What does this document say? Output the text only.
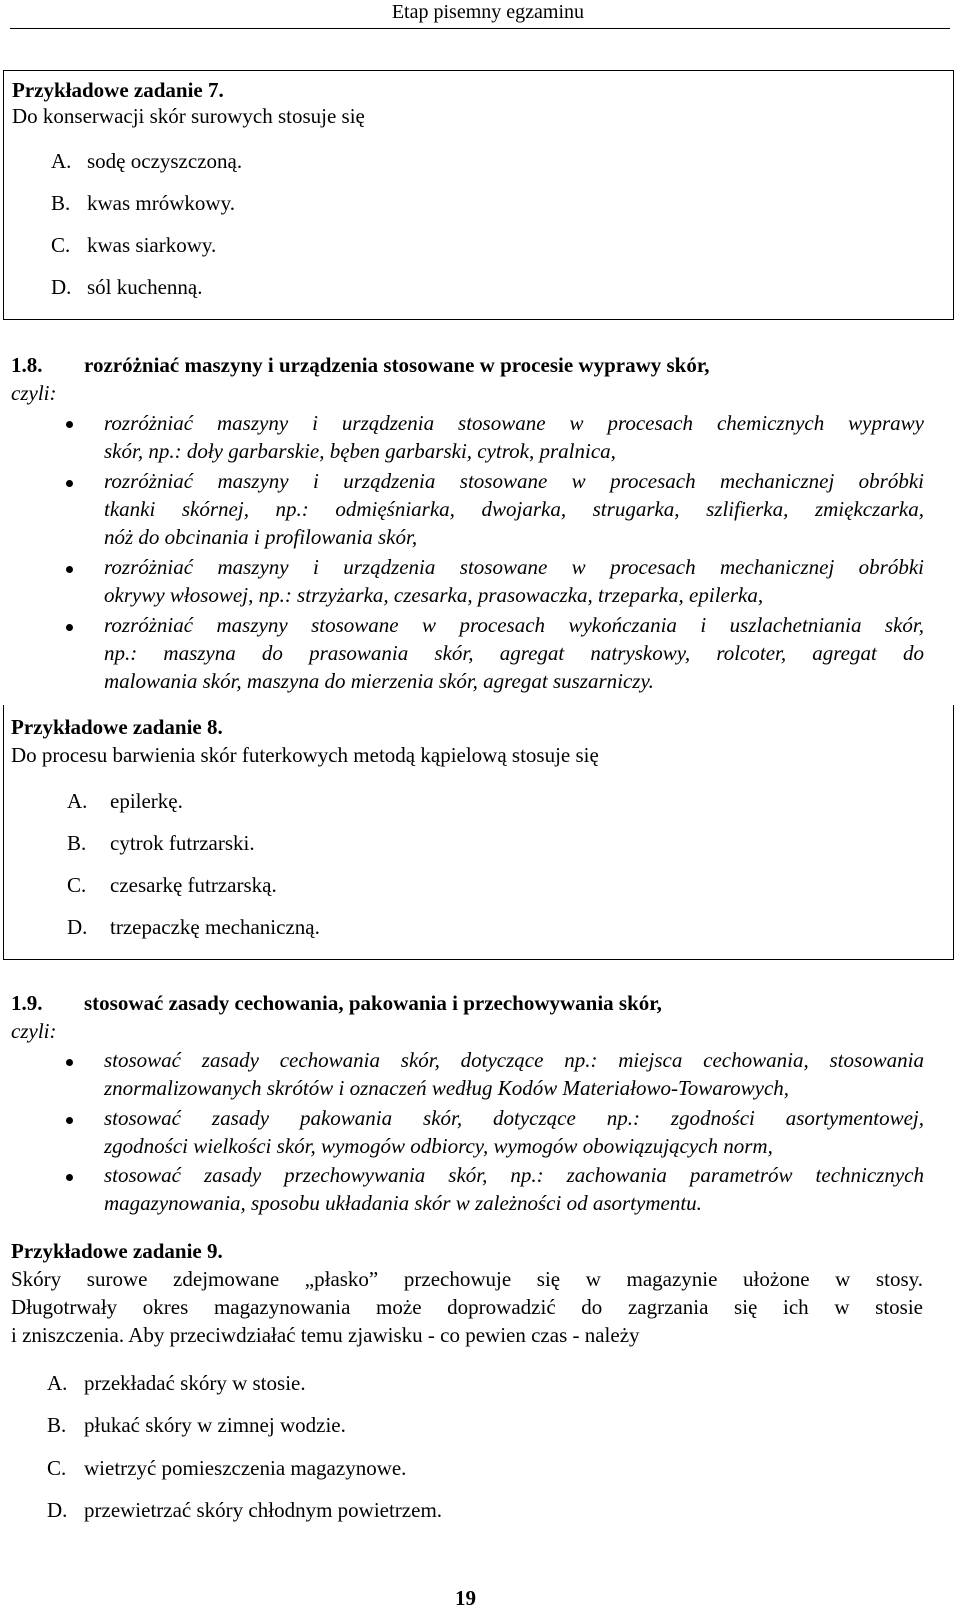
Etap pisemny egzaminu
Przykładowe zadanie 7.
Do konserwacji skór surowych stosuje się
A. sodę oczyszczoną.
B. kwas mrówkowy.
C. kwas siarkowy.
D. sól kuchenną.
1.8. rozróżniać maszyny i urządzenia stosowane w procesie wyprawy skór,
czyli:
rozróżniać maszyny i urządzenia stosowane w procesach chemicznych wyprawy
skór, np.: doły garbarskie, bęben garbarski, cytrok, pralnica,
rozróżniać maszyny i urządzenia stosowane w procesach mechanicznej obróbki
tkanki skórnej, np.: odmięśniarka, dwojarka, strugarka, szlifierka, zmiękczarka,
nóż do obcinania i profilowania skór,
rozróżniać maszyny i urządzenia stosowane w procesach mechanicznej obróbki
okrywy włosowej, np.: strzyżarka, czesarka, prasowaczka, trzeparka, epilerka,
rozróżniać maszyny stosowane w procesach wykończania i uszlachetniania skór,
np.: maszyna do prasowania skór, agregat natryskowy, rolcoter, agregat do
malowania skór, maszyna do mierzenia skór, agregat suszarniczy.
Przykładowe zadanie 8.
Do procesu barwienia skór futerkowych metodą kąpielową stosuje się
A. epilerkę.
B. cytrok futrzarski.
C. czesarkę futrzarską.
D. trzepaczkę mechaniczną.
1.9. stosować zasady cechowania, pakowania i przechowywania skór,
czyli:
stosować zasady cechowania skór, dotyczące np.: miejsca cechowania, stosowania
znormalizowanych skrótów i oznaczeń według Kodów Materiałowo-Towarowych,
stosować zasady pakowania skór, dotyczące np.: zgodności asortymentowej,
zgodności wielkości skór, wymogów odbiorcy, wymogów obowiązujących norm,
stosować zasady przechowywania skór, np.: zachowania parametrów technicznych
magazynowania, sposobu układania skór w zależności od asortymentu.
Przykładowe zadanie 9.
Skóry surowe zdejmowane „płasko” przechowuje się w magazynie ułożone w stosy.
Długotrwały okres magazynowania może doprowadzić do zagrzania się ich w stosie
i zniszczenia. Aby przeciwdziałać temu zjawisku - co pewien czas - należy
A. przekładać skóry w stosie.
B. płukać skóry w zimnej wodzie.
C. wietrzyć pomieszczenia magazynowe.
D. przewietrzać skóry chłodnym powietrzem.
19
